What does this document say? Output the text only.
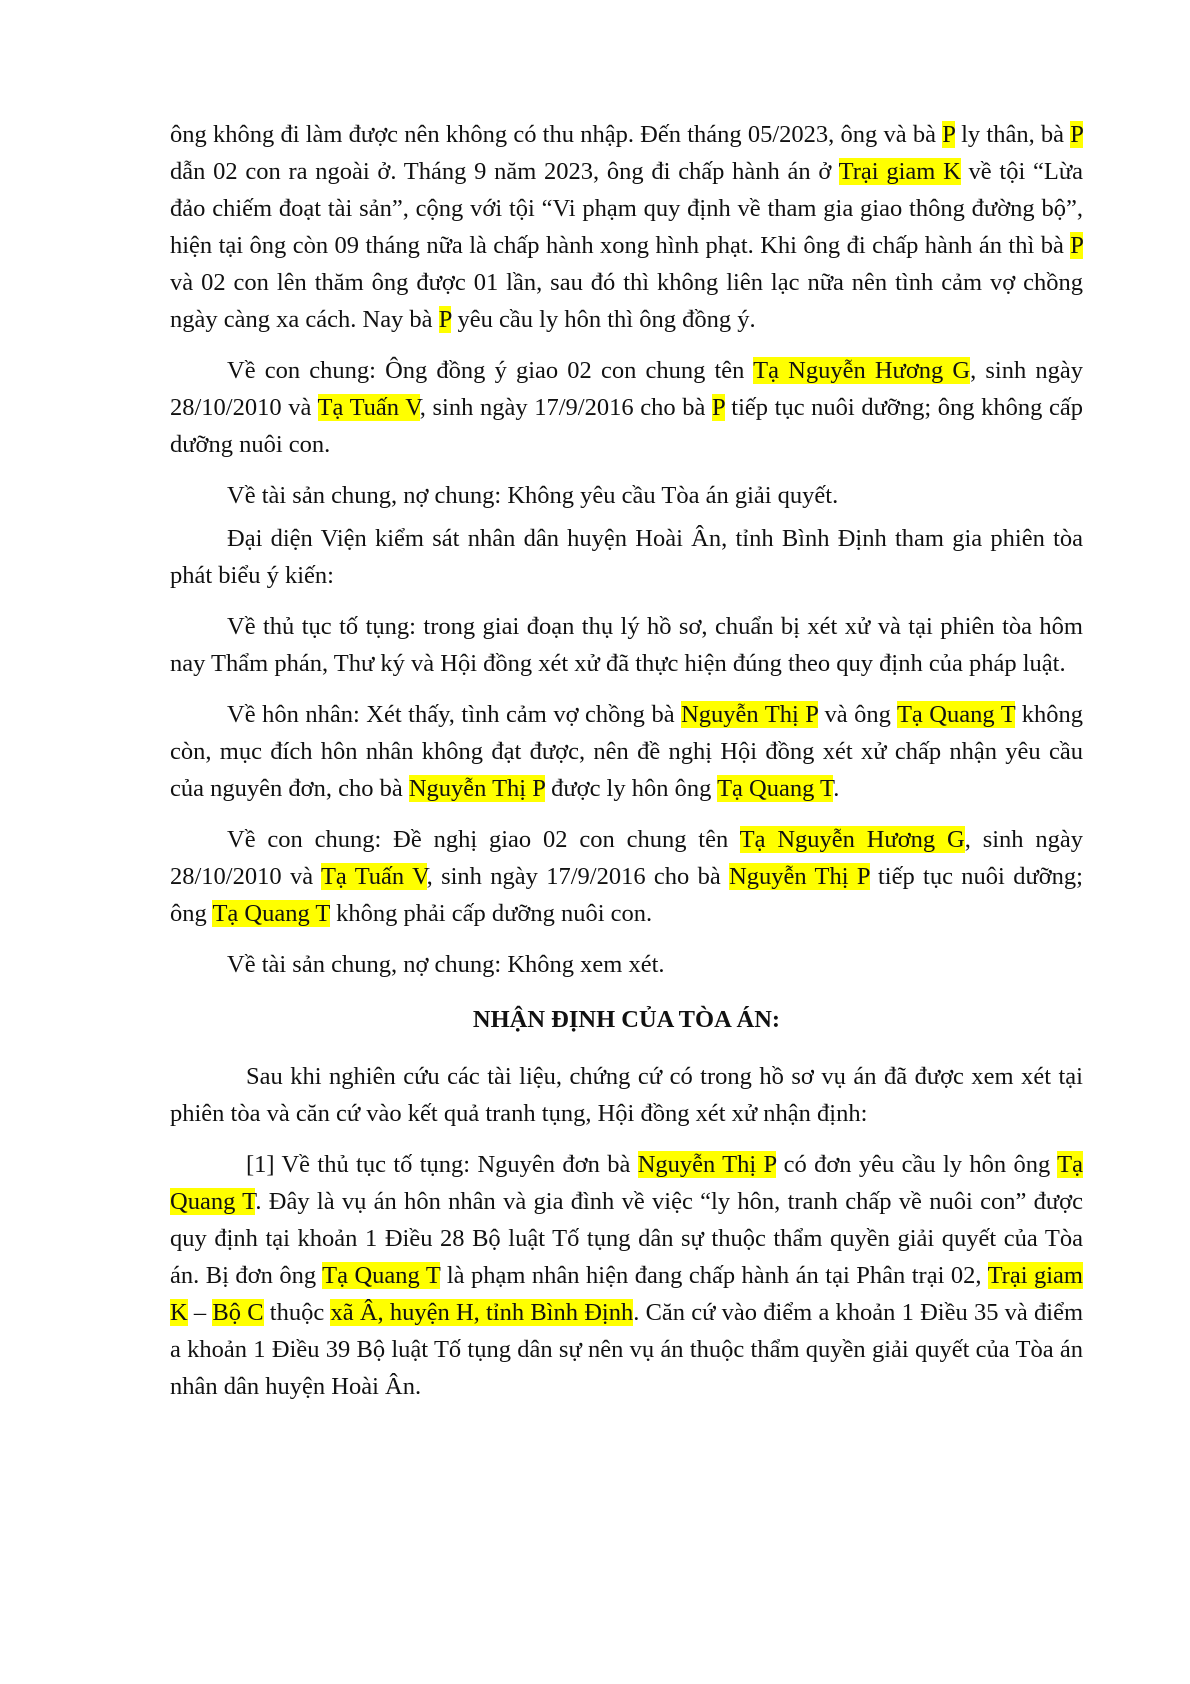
ông không đi làm được nên không có thu nhập. Đến tháng 05/2023, ông và bà P ly thân, bà P dẫn 02 con ra ngoài ở. Tháng 9 năm 2023, ông đi chấp hành án ở Trại giam K về tội “Lừa đảo chiếm đoạt tài sản”, cộng với tội “Vi phạm quy định về tham gia giao thông đường bộ”, hiện tại ông còn 09 tháng nữa là chấp hành xong hình phạt. Khi ông đi chấp hành án thì bà P và 02 con lên thăm ông được 01 lần, sau đó thì không liên lạc nữa nên tình cảm vợ chồng ngày càng xa cách. Nay bà P yêu cầu ly hôn thì ông đồng ý.

Về con chung: Ông đồng ý giao 02 con chung tên Tạ Nguyễn Hương G, sinh ngày 28/10/2010 và Tạ Tuấn V, sinh ngày 17/9/2016 cho bà P tiếp tục nuôi dưỡng; ông không cấp dưỡng nuôi con.

Về tài sản chung, nợ chung: Không yêu cầu Tòa án giải quyết.

Đại diện Viện kiểm sát nhân dân huyện Hoài Ân, tỉnh Bình Định tham gia phiên tòa phát biểu ý kiến:

Về thủ tục tố tụng: trong giai đoạn thụ lý hồ sơ, chuẩn bị xét xử và tại phiên tòa hôm nay Thẩm phán, Thư ký và Hội đồng xét xử đã thực hiện đúng theo quy định của pháp luật.

Về hôn nhân: Xét thấy, tình cảm vợ chồng bà Nguyễn Thị P và ông Tạ Quang T không còn, mục đích hôn nhân không đạt được, nên đề nghị Hội đồng xét xử chấp nhận yêu cầu của nguyên đơn, cho bà Nguyễn Thị P được ly hôn ông Tạ Quang T.

Về con chung: Đề nghị giao 02 con chung tên Tạ Nguyễn Hương G, sinh ngày 28/10/2010 và Tạ Tuấn V, sinh ngày 17/9/2016 cho bà Nguyễn Thị P tiếp tục nuôi dưỡng; ông Tạ Quang T không phải cấp dưỡng nuôi con.

Về tài sản chung, nợ chung: Không xem xét.

NHẬN ĐỊNH CỦA TÒA ÁN:

Sau khi nghiên cứu các tài liệu, chứng cứ có trong hồ sơ vụ án đã được xem xét tại phiên tòa và căn cứ vào kết quả tranh tụng, Hội đồng xét xử nhận định:

[1] Về thủ tục tố tụng: Nguyên đơn bà Nguyễn Thị P có đơn yêu cầu ly hôn ông Tạ Quang T. Đây là vụ án hôn nhân và gia đình về việc “ly hôn, tranh chấp về nuôi con” được quy định tại khoản 1 Điều 28 Bộ luật Tố tụng dân sự thuộc thẩm quyền giải quyết của Tòa án. Bị đơn ông Tạ Quang T là phạm nhân hiện đang chấp hành án tại Phân trại 02, Trại giam K – Bộ C thuộc xã Â, huyện H, tỉnh Bình Định. Căn cứ vào điểm a khoản 1 Điều 35 và điểm a khoản 1 Điều 39 Bộ luật Tố tụng dân sự nên vụ án thuộc thẩm quyền giải quyết của Tòa án nhân dân huyện Hoài Ân.
